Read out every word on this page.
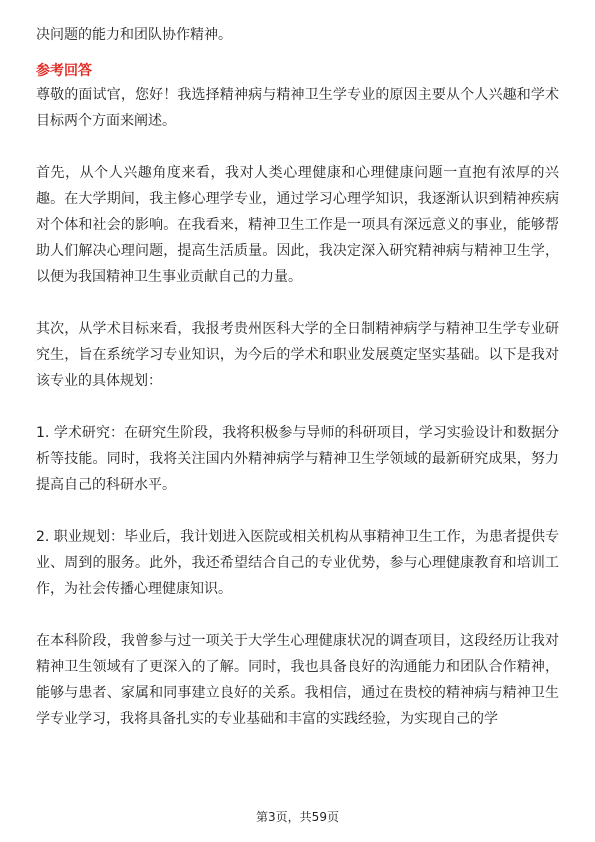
决问题的能力和团队协作精神。

参考回答

尊敬的面试官，您好！我选择精神病与精神卫生学专业的原因主要从个人兴趣和学术目标两个方面来阐述。

首先，从个人兴趣角度来看，我对人类心理健康和心理健康问题一直抱有浓厚的兴趣。在大学期间，我主修心理学专业，通过学习心理学知识，我逐渐认识到精神疾病对个体和社会的影响。在我看来，精神卫生工作是一项具有深远意义的事业，能够帮助人们解决心理问题，提高生活质量。因此，我决定深入研究精神病与精神卫生学，以便为我国精神卫生事业贡献自己的力量。

其次，从学术目标来看，我报考贵州医科大学的全日制精神病学与精神卫生学专业研究生，旨在系统学习专业知识，为今后的学术和职业发展奠定坚实基础。以下是我对该专业的具体规划：

1. 学术研究：在研究生阶段，我将积极参与导师的科研项目，学习实验设计和数据分析等技能。同时，我将关注国内外精神病学与精神卫生学领域的最新研究成果，努力提高自己的科研水平。

2. 职业规划：毕业后，我计划进入医院或相关机构从事精神卫生工作，为患者提供专业、周到的服务。此外，我还希望结合自己的专业优势，参与心理健康教育和培训工作，为社会传播心理健康知识。

在本科阶段，我曾参与过一项关于大学生心理健康状况的调查项目，这段经历让我对精神卫生领域有了更深入的了解。同时，我也具备良好的沟通能力和团队合作精神，能够与患者、家属和同事建立良好的关系。我相信，通过在贵校的精神病与精神卫生学专业学习，我将具备扎实的专业基础和丰富的实践经验，为实现自己的学

第3页，共59页
